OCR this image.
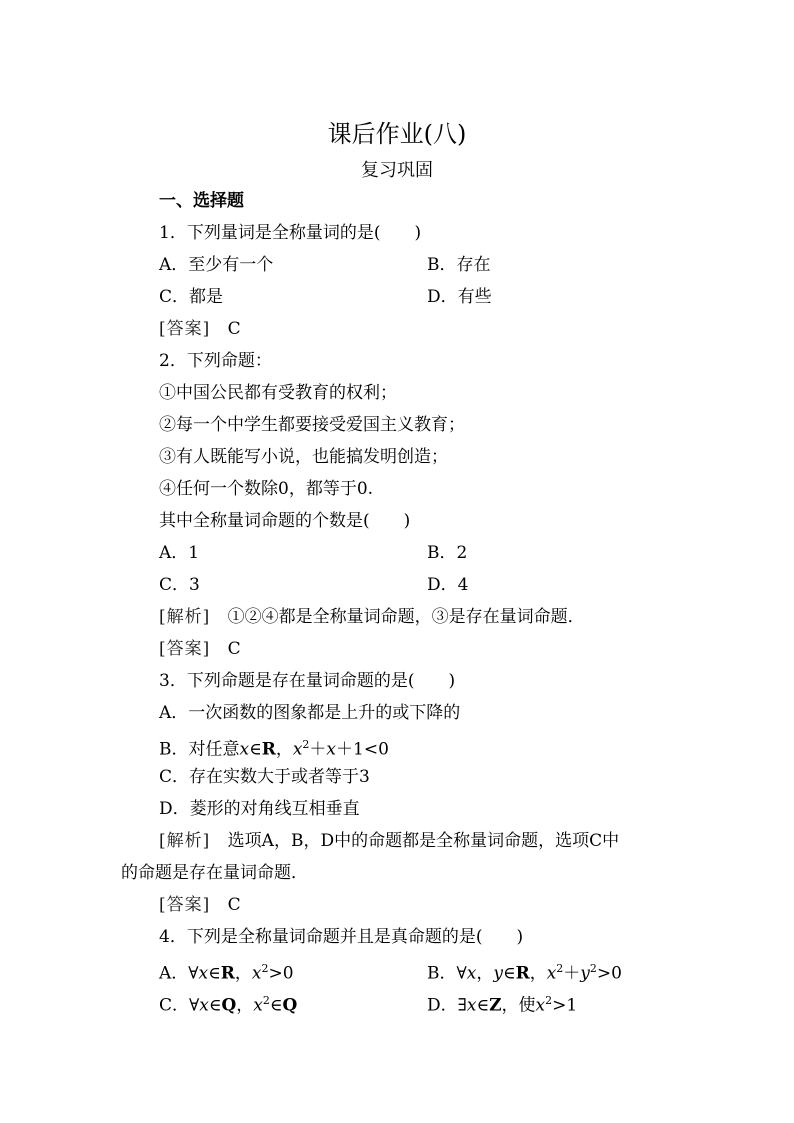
课后作业(八)
复习巩固
一、选择题
1．下列量词是全称量词的是(　　)
A．至少有一个	B．存在
C．都是	D．有些
[答案] C
2．下列命题：
①中国公民都有受教育的权利；
②每一个中学生都要接受爱国主义教育；
③有人既能写小说，也能搞发明创造；
④任何一个数除0，都等于0.
其中全称量词命题的个数是(　　)
A．1	B．2
C．3	D．4
[解析] ①②④都是全称量词命题，③是存在量词命题．
[答案] C
3．下列命题是存在量词命题的是(　　)
A．一次函数的图象都是上升的或下降的
B．对任意x∈R，$x^2+x+1<0$
C．存在实数大于或者等于3
D．菱形的对角线互相垂直
[解析] 选项A，B，D中的命题都是全称量词命题，选项C中
的命题是存在量词命题．
[答案] C
4．下列是全称量词命题并且是真命题的是(　　)
A．∀x∈R，$x^2>0$	B．∀x，y∈R，$x^2+y^2>0$
C．∀x∈Q，$x^2\in Q$	D．∃x∈Z，使$x^2>1$
